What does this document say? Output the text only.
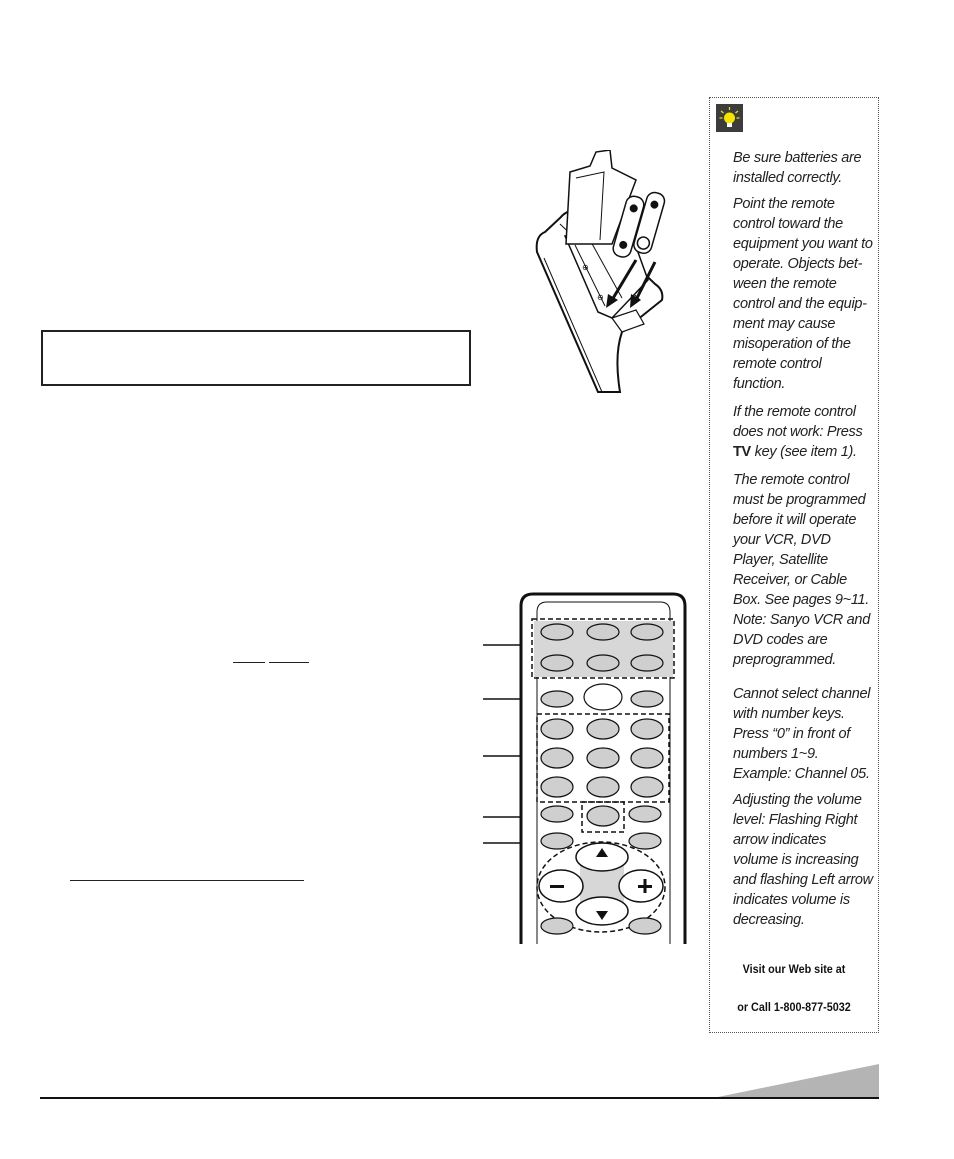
⊕
⊖
Be sure batteries are installed correctly.
Point the remote control toward the equipment you want to operate. Objects bet-ween the remote control and the equip-ment may cause misoperation of the remote control function.
If the remote control does not work: Press TV key (see item 1).
The remote control must be programmed before it will operate your VCR, DVD Player, Satellite Receiver, or Cable Box. See pages 9~11. Note: Sanyo VCR and DVD codes are preprogrammed.
Cannot select channel with number keys. Press “0” in front of numbers 1~9. Example: Channel 05.
Adjusting the volume level: Flashing Right arrow indicates volume is increasing and flashing Left arrow indicates volume is decreasing.
Visit our Web site at
or Call 1-800-877-5032
